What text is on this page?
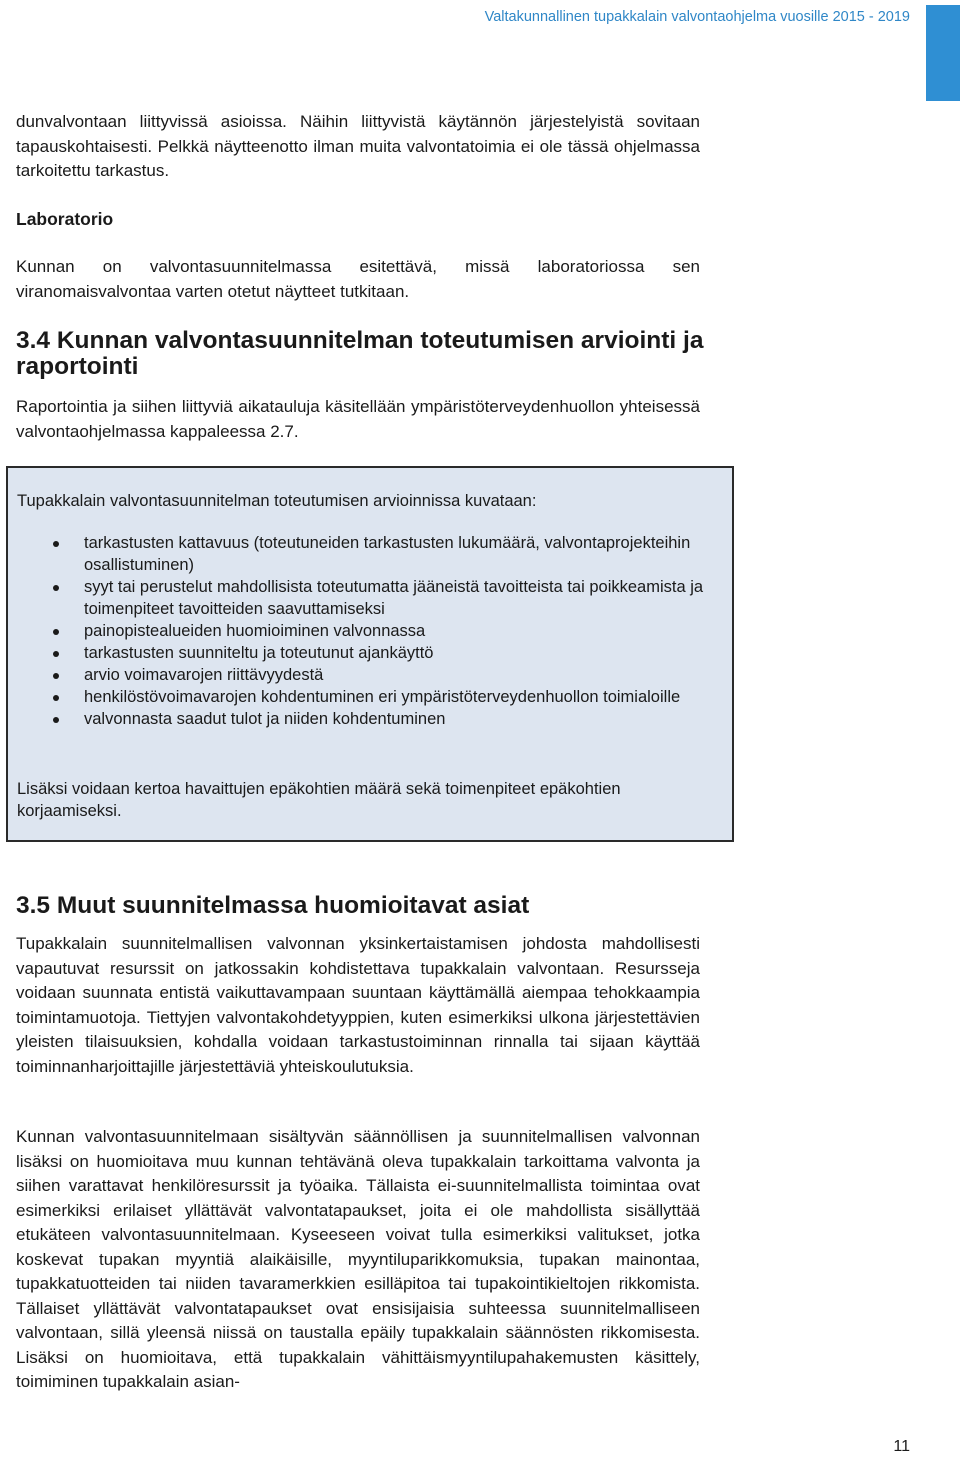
Valtakunnallinen tupakkalain valvontaohjelma vuosille 2015 - 2019

dunvalvontaan liittyvissä asioissa. Näihin liittyvistä käytännön järjestelyistä sovitaan tapauskohtaisesti. Pelkkä näytteenotto ilman muita valvontatoimia ei ole tässä ohjelmassa tarkoitettu tarkastus.

Laboratorio

Kunnan on valvontasuunnitelmassa esitettävä, missä laboratoriossa sen viranomaisvalvontaa varten otetut näytteet tutkitaan.

3.4 Kunnan valvontasuunnitelman toteutumisen arviointi ja raportointi

Raportointia ja siihen liittyviä aikatauluja käsitellään ympäristöterveydenhuollon yhteisessä valvontaohjelmassa kappaleessa 2.7.

Tupakkalain valvontasuunnitelman toteutumisen arvioinnissa kuvataan:

tarkastusten kattavuus (toteutuneiden tarkastusten lukumäärä, valvontaprojekteihin osallistuminen)
syyt tai perustelut mahdollisista toteutumatta jääneistä tavoitteista tai poikkeamista ja toimenpiteet tavoitteiden saavuttamiseksi
painopistealueiden huomioiminen valvonnassa
tarkastusten suunniteltu ja toteutunut ajankäyttö
arvio voimavarojen riittävyydestä
henkilöstövoimavarojen kohdentuminen eri ympäristöterveydenhuollon toimialoille
valvonnasta saadut tulot ja niiden kohdentuminen

Lisäksi voidaan kertoa havaittujen epäkohtien määrä sekä toimenpiteet epäkohtien korjaamiseksi.

3.5 Muut suunnitelmassa huomioitavat asiat

Tupakkalain suunnitelmallisen valvonnan yksinkertaistamisen johdosta mahdollisesti vapautuvat resurssit on jatkossakin kohdistettava tupakkalain valvontaan. Resursseja voidaan suunnata entistä vaikuttavampaan suuntaan käyttämällä aiempaa tehokkaampia toimintamuotoja. Tiettyjen valvontakohdetyyppien, kuten esimerkiksi ulkona järjestettävien yleisten tilaisuuksien, kohdalla voidaan tarkastustoiminnan rinnalla tai sijaan käyttää toiminnanharjoittajille järjestettäviä yhteiskoulutuksia.

Kunnan valvontasuunnitelmaan sisältyvän säännöllisen ja suunnitelmallisen valvonnan lisäksi on huomioitava muu kunnan tehtävänä oleva tupakkalain tarkoittama valvonta ja siihen varattavat henkilöresurssit ja työaika. Tällaista ei-suunnitelmallista toimintaa ovat esimerkiksi erilaiset yllättävät valvontatapaukset, joita ei ole mahdollista sisällyttää etukäteen valvontasuunnitelmaan. Kyseeseen voivat tulla esimerkiksi valitukset, jotka koskevat tupakan myyntiä alaikäisille, myyntiluparikkomuksia, tupakan mainontaa, tupakkatuotteiden tai niiden tavaramerkkien esilläpitoa tai tupakointikieltojen rikkomista. Tällaiset yllättävät valvontatapaukset ovat ensisijaisia suhteessa suunnitelmalliseen valvontaan, sillä yleensä niissä on taustalla epäily tupakkalain säännösten rikkomisesta. Lisäksi on huomioitava, että tupakkalain vähittäismyyntilupahakemusten käsittely, toimiminen tupakkalain asian-

11
